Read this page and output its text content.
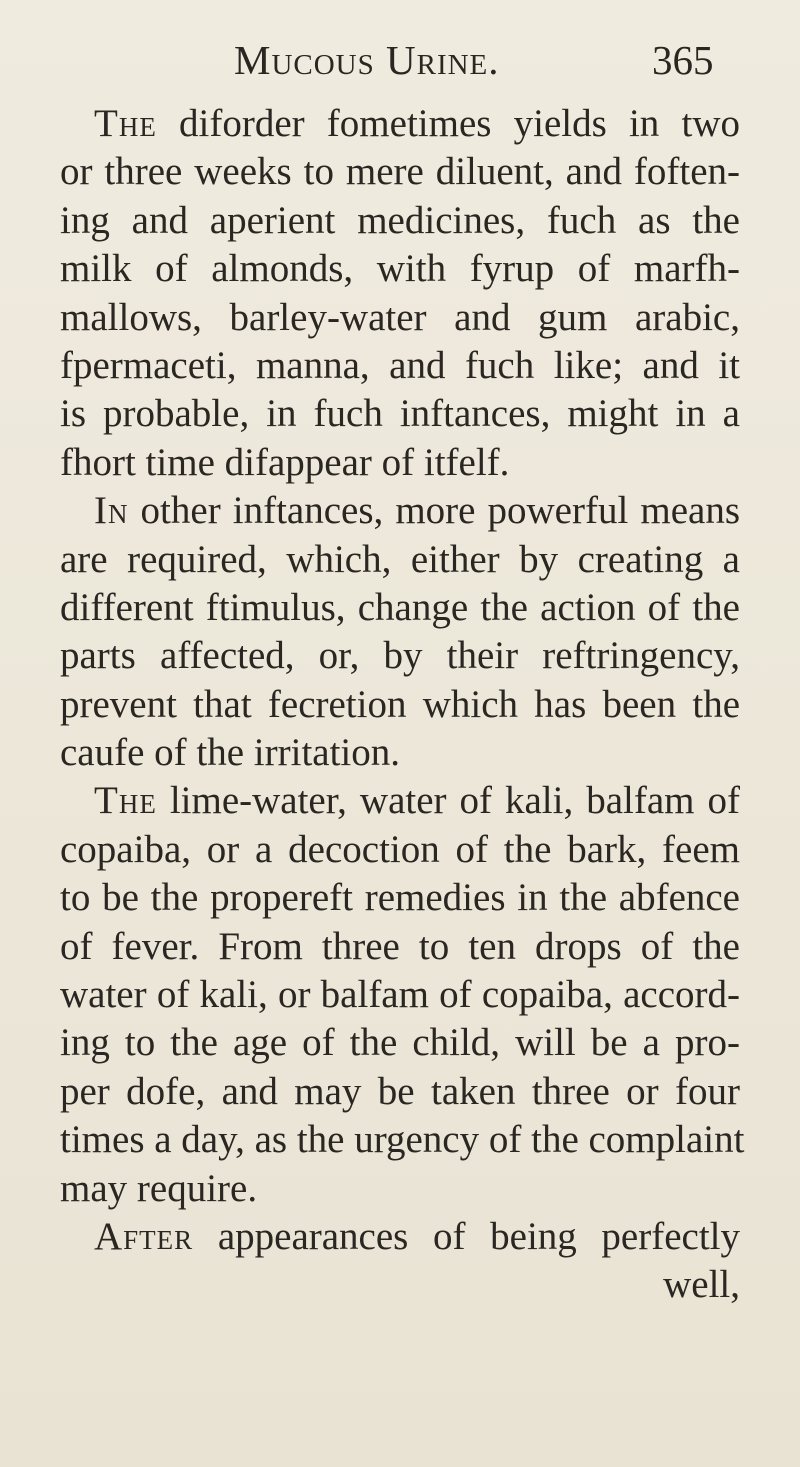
Mucous Urine.	365
The diforder fometimes yields in two
or three weeks to mere diluent, and foften-
ing and aperient medicines, fuch as the
milk of almonds, with fyrup of marfh-
mallows, barley-water and gum arabic,
fpermaceti, manna, and fuch like; and it
is probable, in fuch inftances, might in a
fhort time difappear of itfelf.
In other inftances, more powerful means
are required, which, either by creating a
different ftimulus, change the action of the
parts affected, or, by their reftringency,
prevent that fecretion which has been the
caufe of the irritation.
The lime-water, water of kali, balfam of
copaiba, or a decoction of the bark, feem
to be the propereft remedies in the abfence
of fever. From three to ten drops of the
water of kali, or balfam of copaiba, accord-
ing to the age of the child, will be a pro-
per dofe, and may be taken three or four
times a day, as the urgency of the complaint
may require.
After appearances of being perfectly
well,
